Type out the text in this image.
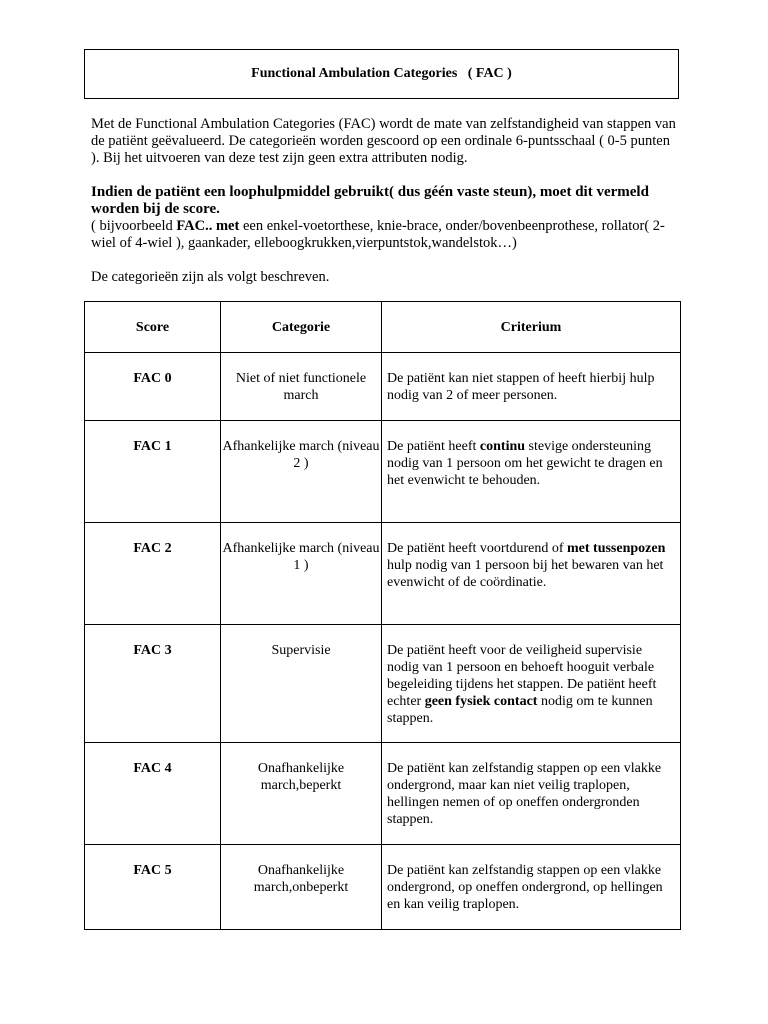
Functional Ambulation Categories   ( FAC )

Met de Functional Ambulation Categories (FAC) wordt de mate van zelfstandigheid van stappen van de patiënt geëvalueerd. De categorieën worden gescoord op een ordinale 6-puntsschaal ( 0-5 punten ). Bij het uitvoeren van deze test zijn geen extra attributen nodig.

Indien de patiënt een loophulpmiddel gebruikt( dus géén vaste steun), moet dit vermeld worden bij de score.

( bijvoorbeeld FAC.. met een enkel-voetorthese, knie-brace, onder/bovenbeenprothese, rollator( 2-wiel of 4-wiel ), gaankader, elleboogkrukken,vierpuntstok,wandelstok…)

De categorieën zijn als volgt beschreven.

Score	Categorie	Criterium
FAC 0	Niet of niet functionele march	De patiënt kan niet stappen of heeft hierbij hulp nodig van 2 of meer personen.
FAC 1	Afhankelijke march (niveau 2 )	De patiënt heeft continu stevige ondersteuning nodig van 1 persoon om het gewicht te dragen en het evenwicht te behouden.
FAC 2	Afhankelijke march (niveau 1 )	De patiënt heeft voortdurend of met tussenpozen hulp nodig van 1 persoon bij het bewaren van het evenwicht of de coördinatie.
FAC 3	Supervisie	De patiënt heeft voor de veiligheid supervisie nodig van 1 persoon en behoeft hooguit verbale begeleiding tijdens het stappen. De patiënt heeft echter geen fysiek contact nodig om te kunnen stappen.
FAC 4	Onafhankelijke march,beperkt	De patiënt kan zelfstandig stappen op een vlakke ondergrond, maar kan niet veilig traplopen, hellingen nemen of op oneffen ondergronden stappen.
FAC 5	Onafhankelijke march,onbeperkt	De patiënt kan zelfstandig stappen op een vlakke ondergrond, op oneffen ondergrond, op hellingen en kan veilig traplopen.
